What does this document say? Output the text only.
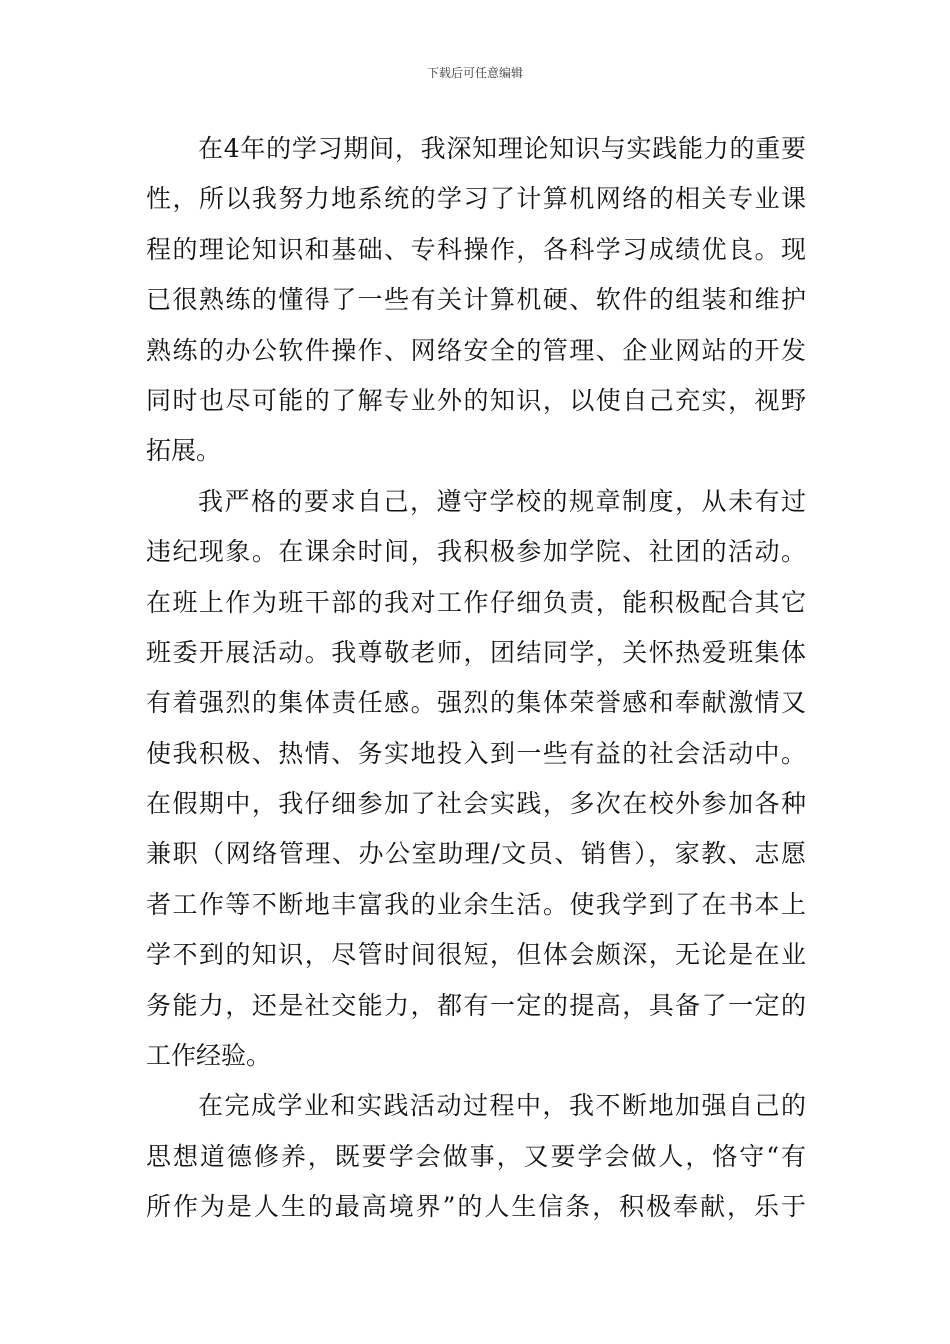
下载后可任意编辑
在4年的学习期间，我深知理论知识与实践能力的重要
性，所以我努力地系统的学习了计算机网络的相关专业课
程的理论知识和基础、专科操作，各科学习成绩优良。现
已很熟练的懂得了一些有关计算机硬、软件的组装和维护
熟练的办公软件操作、网络安全的管理、企业网站的开发
同时也尽可能的了解专业外的知识，以使自己充实，视野
拓展。
我严格的要求自己，遵守学校的规章制度，从未有过
违纪现象。在课余时间，我积极参加学院、社团的活动。
在班上作为班干部的我对工作仔细负责，能积极配合其它
班委开展活动。我尊敬老师，团结同学，关怀热爱班集体
有着强烈的集体责任感。强烈的集体荣誉感和奉献激情又
使我积极、热情、务实地投入到一些有益的社会活动中。
在假期中，我仔细参加了社会实践，多次在校外参加各种
兼职（网络管理、办公室助理/文员、销售），家教、志愿
者工作等不断地丰富我的业余生活。使我学到了在书本上
学不到的知识，尽管时间很短，但体会颇深，无论是在业
务能力，还是社交能力，都有一定的提高，具备了一定的
工作经验。
在完成学业和实践活动过程中，我不断地加强自己的
思想道德修养，既要学会做事，又要学会做人，恪守“有
所作为是人生的最高境界”的人生信条，积极奉献，乐于
